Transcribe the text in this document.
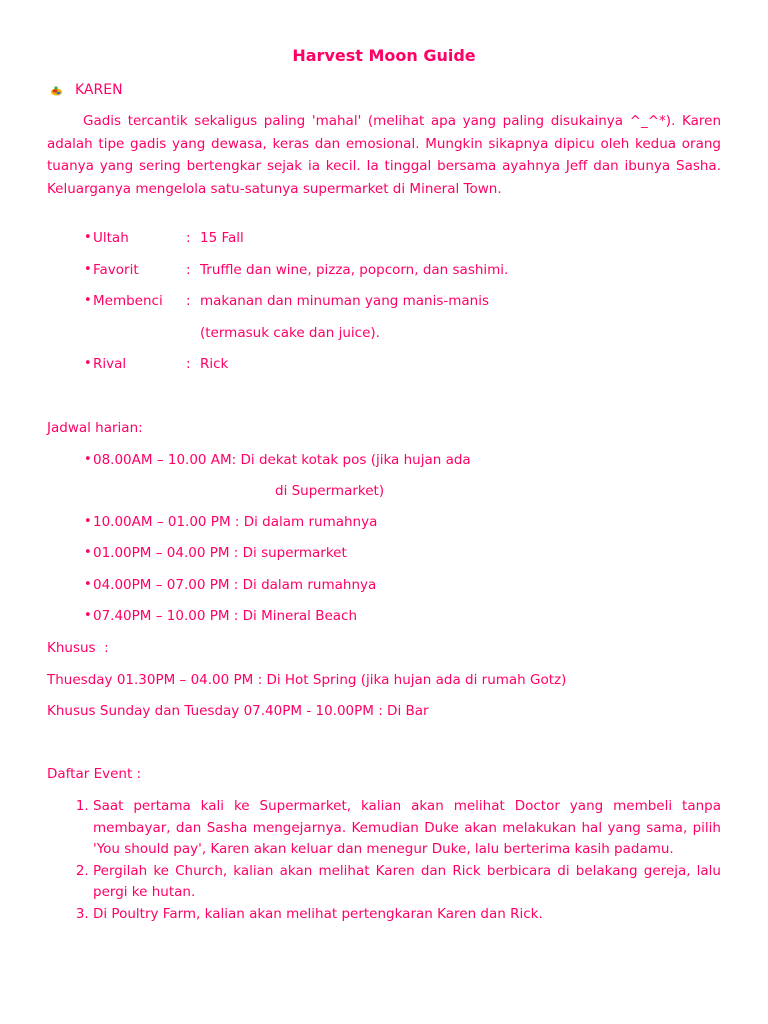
Harvest Moon Guide
KAREN

Gadis tercantik sekaligus paling 'mahal' (melihat apa yang paling disukainya ^_^*). Karen adalah tipe gadis yang dewasa, keras dan emosional. Mungkin sikapnya dipicu oleh kedua orang tuanya yang sering bertengkar sejak ia kecil. Ia tinggal bersama ayahnya Jeff dan ibunya Sasha. Keluarganya mengelola satu-satunya supermarket di Mineral Town.

• Ultah	: 15 Fall
• Favorit	: Truffle dan wine, pizza, popcorn, dan sashimi.
• Membenci : makanan dan minuman yang manis-manis
(termasuk cake dan juice).
• Rival	: Rick
Jadwal harian:
• 08.00AM – 10.00 AM: Di dekat kotak pos (jika hujan ada
di Supermarket)
• 10.00AM – 01.00 PM : Di dalam rumahnya
• 01.00PM – 04.00 PM : Di supermarket
• 04.00PM – 07.00 PM : Di dalam rumahnya
• 07.40PM – 10.00 PM : Di Mineral Beach
Khusus  :
Thuesday 01.30PM – 04.00 PM : Di Hot Spring (jika hujan ada di rumah Gotz)
Khusus Sunday dan Tuesday 07.40PM - 10.00PM : Di Bar
Daftar Event :
1. Saat pertama kali ke Supermarket, kalian akan melihat Doctor yang membeli tanpa membayar, dan Sasha mengejarnya. Kemudian Duke akan melakukan hal yang sama, pilih 'You should pay', Karen akan keluar dan menegur Duke, lalu berterima kasih padamu.
2. Pergilah ke Church, kalian akan melihat Karen dan Rick berbicara di belakang gereja, lalu pergi ke hutan.
3. Di Poultry Farm, kalian akan melihat pertengkaran Karen dan Rick.
